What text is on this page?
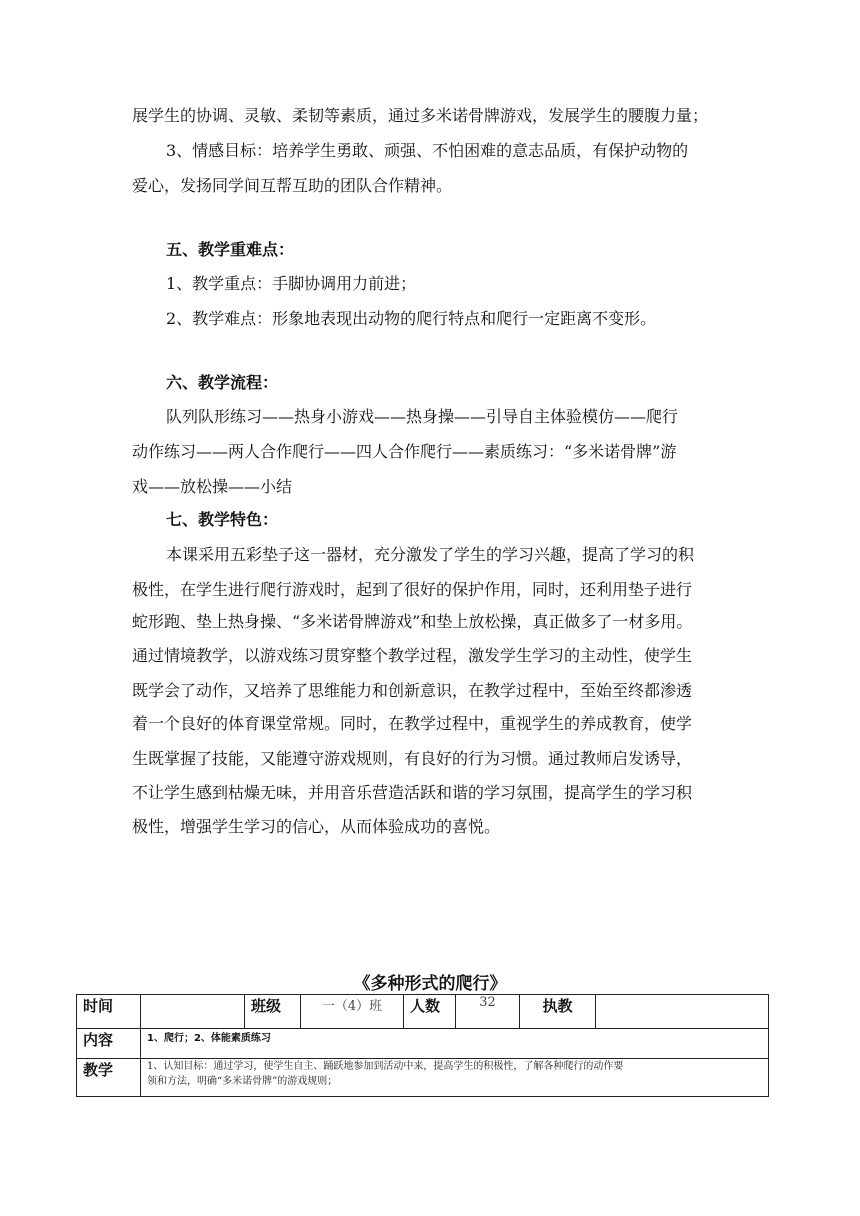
展学生的协调、灵敏、柔韧等素质，通过多米诺骨牌游戏，发展学生的腰腹力量；
3、情感目标：培养学生勇敢、顽强、不怕困难的意志品质，有保护动物的
爱心，发扬同学间互帮互助的团队合作精神。
五、教学重难点：
1、教学重点：手脚协调用力前进；
2、教学难点：形象地表现出动物的爬行特点和爬行一定距离不变形。
六、教学流程：
队列队形练习——热身小游戏——热身操——引导自主体验模仿——爬行
动作练习——两人合作爬行——四人合作爬行——素质练习：“多米诺骨牌”游
戏——放松操——小结
七、教学特色：
本课采用五彩垫子这一器材，充分激发了学生的学习兴趣，提高了学习的积
极性，在学生进行爬行游戏时，起到了很好的保护作用，同时，还利用垫子进行
蛇形跑、垫上热身操、“多米诺骨牌游戏”和垫上放松操，真正做多了一材多用。
通过情境教学，以游戏练习贯穿整个教学过程，激发学生学习的主动性，使学生
既学会了动作，又培养了思维能力和创新意识，在教学过程中，至始至终都渗透
着一个良好的体育课堂常规。同时，在教学过程中，重视学生的养成教育，使学
生既掌握了技能，又能遵守游戏规则，有良好的行为习惯。通过教师启发诱导，
不让学生感到枯燥无味，并用音乐营造活跃和谐的学习氛围，提高学生的学习积
极性，增强学生学习的信心，从而体验成功的喜悦。
《多种形式的爬行》
时间		班级	一（4）班	人数	32	执教	
内容	1、爬行；2、体能素质练习						
教学	1、认知目标：通过学习，使学生自主、踊跃地参加到活动中来，提高学生的积极性，了解各种爬行的动作要
领和方法，明确“多米诺骨牌”的游戏规则；						
